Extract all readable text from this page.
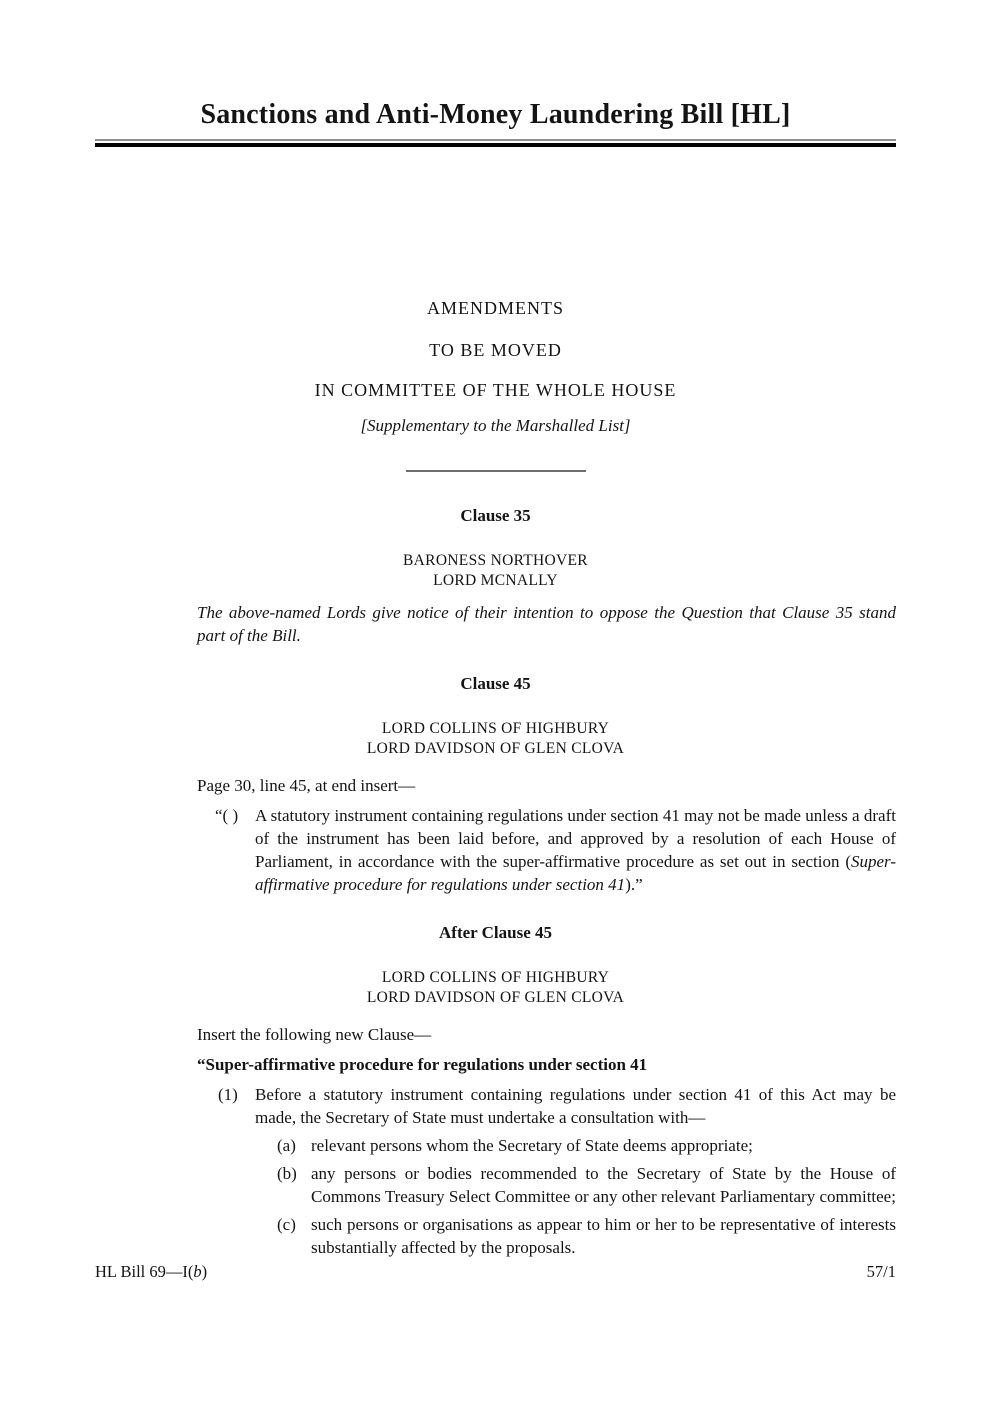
Sanctions and Anti-Money Laundering Bill [HL]
AMENDMENTS
TO BE MOVED
IN COMMITTEE OF THE WHOLE HOUSE
[Supplementary to the Marshalled List]
Clause 35
BARONESS NORTHOVER
LORD MCNALLY
The above-named Lords give notice of their intention to oppose the Question that Clause 35 stand part of the Bill.
Clause 45
LORD COLLINS OF HIGHBURY
LORD DAVIDSON OF GLEN CLOVA
Page 30, line 45, at end insert—
“( ) A statutory instrument containing regulations under section 41 may not be made unless a draft of the instrument has been laid before, and approved by a resolution of each House of Parliament, in accordance with the super-affirmative procedure as set out in section (Super-affirmative procedure for regulations under section 41).”
After Clause 45
LORD COLLINS OF HIGHBURY
LORD DAVIDSON OF GLEN CLOVA
Insert the following new Clause—
“Super-affirmative procedure for regulations under section 41
(1)	Before a statutory instrument containing regulations under section 41 of this Act may be made, the Secretary of State must undertake a consultation with—
(a) relevant persons whom the Secretary of State deems appropriate;
(b) any persons or bodies recommended to the Secretary of State by the House of Commons Treasury Select Committee or any other relevant Parliamentary committee;
(c) such persons or organisations as appear to him or her to be representative of interests substantially affected by the proposals.
HL Bill 69—I(b)	57/1
